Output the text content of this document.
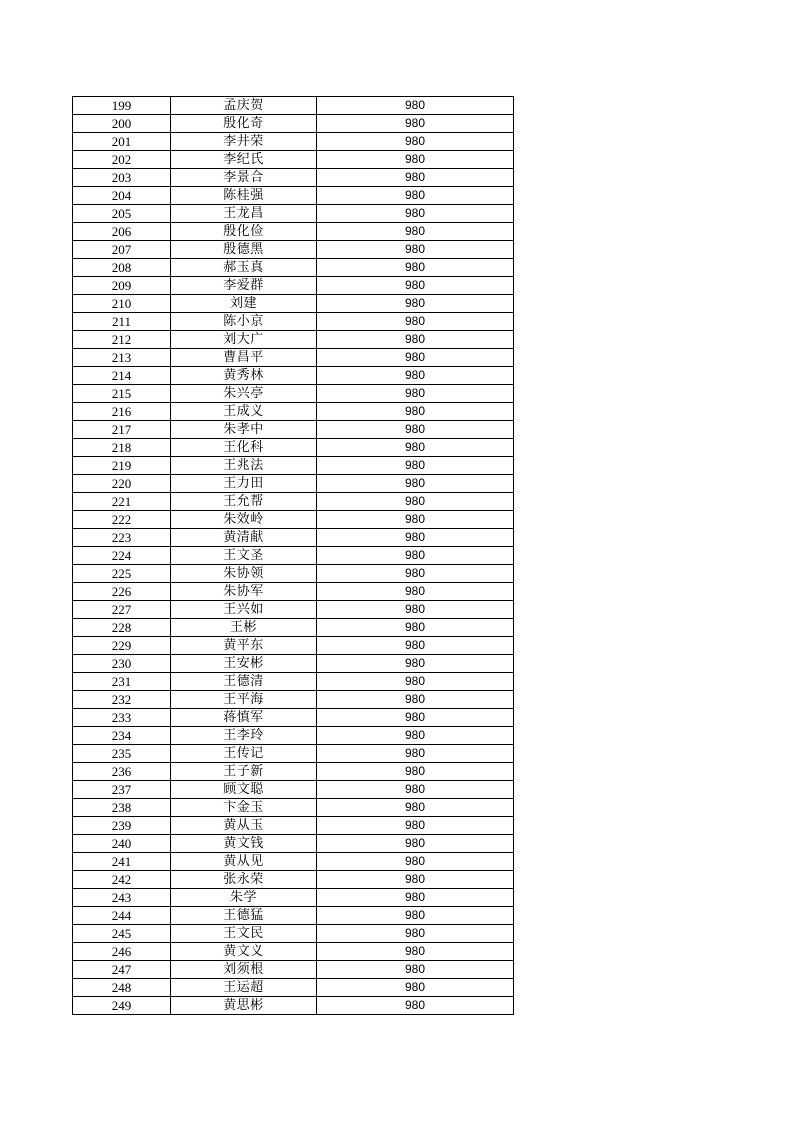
199	孟庆贺	980
200	殷化奇	980
201	李井荣	980
202	李纪氏	980
203	李景合	980
204	陈桂强	980
205	王龙昌	980
206	殷化俭	980
207	殷德黑	980
208	郝玉真	980
209	李爱群	980
210	刘建	980
211	陈小京	980
212	刘大广	980
213	曹昌平	980
214	黄秀林	980
215	朱兴亭	980
216	王成义	980
217	朱孝中	980
218	王化科	980
219	王兆法	980
220	王力田	980
221	王允帮	980
222	朱效岭	980
223	黄清献	980
224	王文圣	980
225	朱协领	980
226	朱协军	980
227	王兴如	980
228	王彬	980
229	黄平东	980
230	王安彬	980
231	王德清	980
232	王平海	980
233	蒋慎军	980
234	王李玲	980
235	王传记	980
236	王子新	980
237	顾文聪	980
238	卞金玉	980
239	黄从玉	980
240	黄文钱	980
241	黄从见	980
242	张永荣	980
243	朱学	980
244	王德猛	980
245	王文民	980
246	黄文义	980
247	刘须根	980
248	王运超	980
249	黄思彬	980
